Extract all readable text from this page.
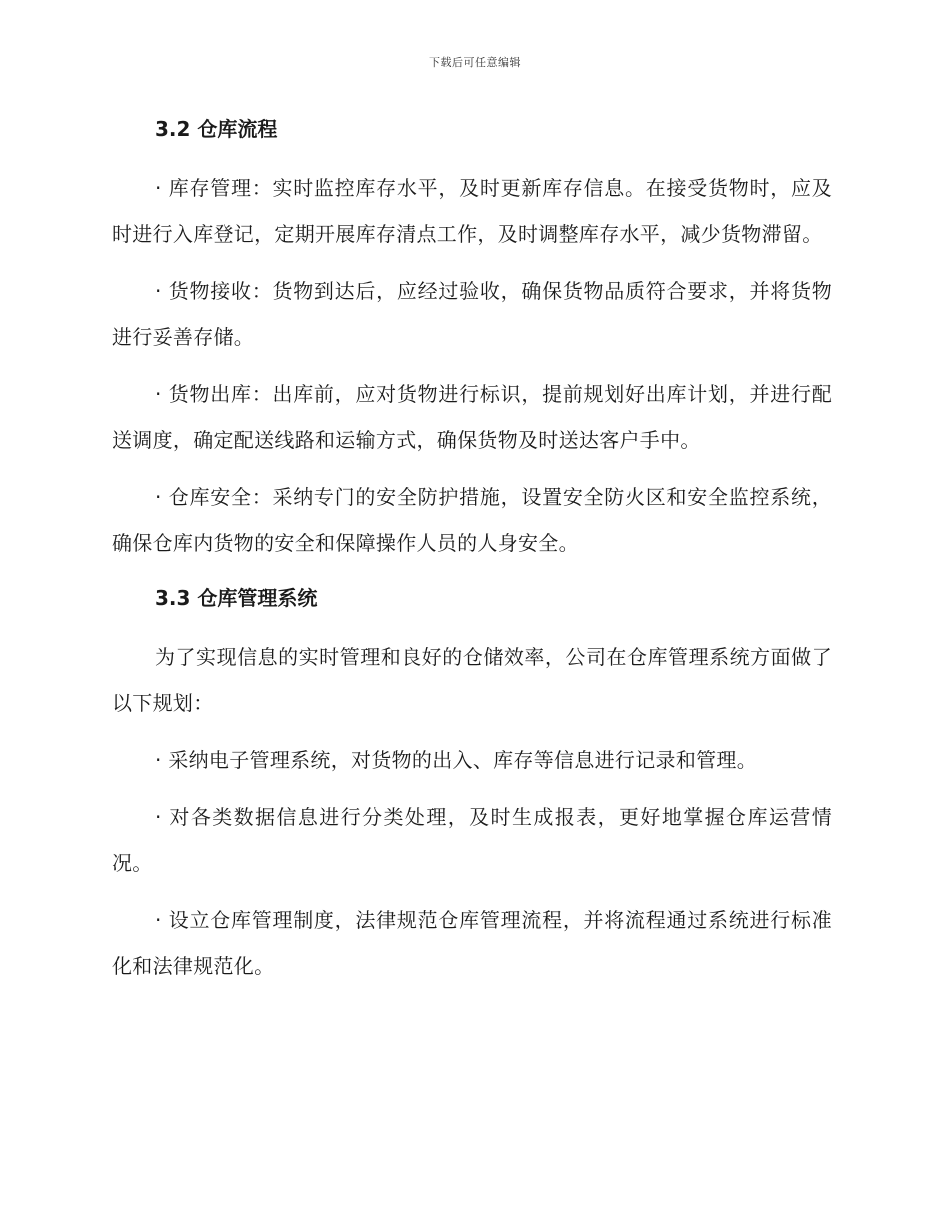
下载后可任意编辑
3.2 仓库流程

· 库存管理：实时监控库存水平，及时更新库存信息。在接受货物时，应及时进行入库登记，定期开展库存清点工作，及时调整库存水平，减少货物滞留。

· 货物接收：货物到达后，应经过验收，确保货物品质符合要求，并将货物进行妥善存储。

· 货物出库：出库前，应对货物进行标识，提前规划好出库计划，并进行配送调度，确定配送线路和运输方式，确保货物及时送达客户手中。

· 仓库安全：采纳专门的安全防护措施，设置安全防火区和安全监控系统，确保仓库内货物的安全和保障操作人员的人身安全。

3.3 仓库管理系统

为了实现信息的实时管理和良好的仓储效率，公司在仓库管理系统方面做了以下规划：

· 采纳电子管理系统，对货物的出入、库存等信息进行记录和管理。

· 对各类数据信息进行分类处理，及时生成报表，更好地掌握仓库运营情况。

· 设立仓库管理制度，法律规范仓库管理流程，并将流程通过系统进行标准化和法律规范化。
